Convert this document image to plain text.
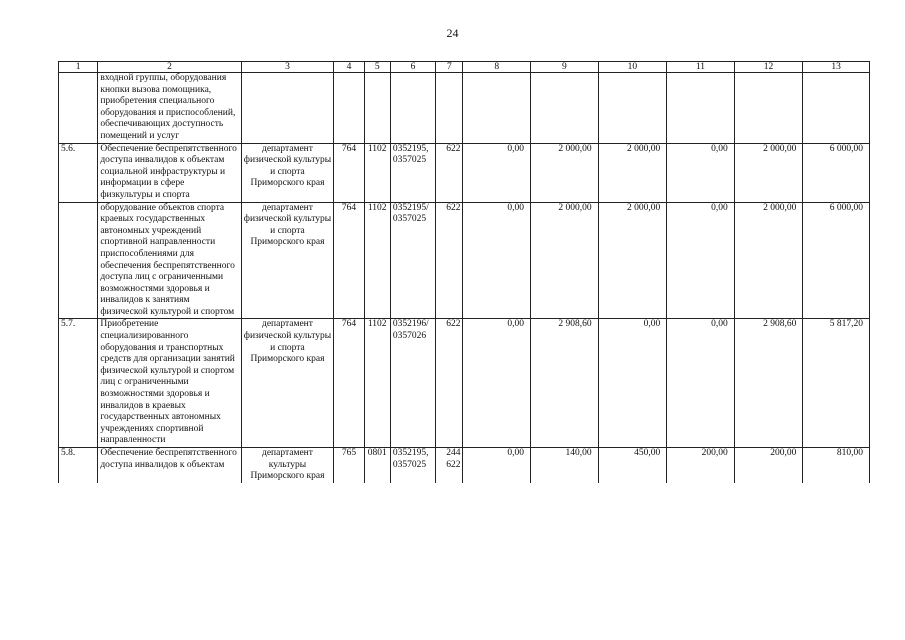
24
1	2	3	4	5	6	7	8	9	10	11	12	13
	входной группы, оборудования кнопки вызова помощника, приобретения специального оборудования и приспособлений, обеспечивающих доступность помещений и услуг											
5.6.	Обеспечение беспрепятственного доступа инвалидов к объектам социальной инфраструктуры и информации в сфере физкультуры и спорта	департамент физической культуры и спорта Приморского края	764	1102	0352195, 0357025	622	0,00	2 000,00	2 000,00	0,00	2 000,00	6 000,00
	оборудование объектов спорта краевых государственных автономных учреждений спортивной направленности приспособлениями для обеспечения беспрепятственного доступа лиц с ограниченными возможностями здоровья и инвалидов к занятиям физической культурой и спортом	департамент физической культуры и спорта Приморского края	764	1102	0352195/ 0357025	622	0,00	2 000,00	2 000,00	0,00	2 000,00	6 000,00
5.7.	Приобретение специализированного оборудования и транспортных средств для организации занятий физической культурой и спортом лиц с ограниченными возможностями здоровья и инвалидов в краевых государственных автономных учреждениях спортивной направленности	департамент физической культуры и спорта Приморского края	764	1102	0352196/ 0357026	622	0,00	2 908,60	0,00	0,00	2 908,60	5 817,20
5.8.	Обеспечение беспрепятственного доступа инвалидов к объектам	департамент культуры Приморского края	765	0801	0352195, 0357025	244 622	0,00	140,00	450,00	200,00	200,00	810,00
